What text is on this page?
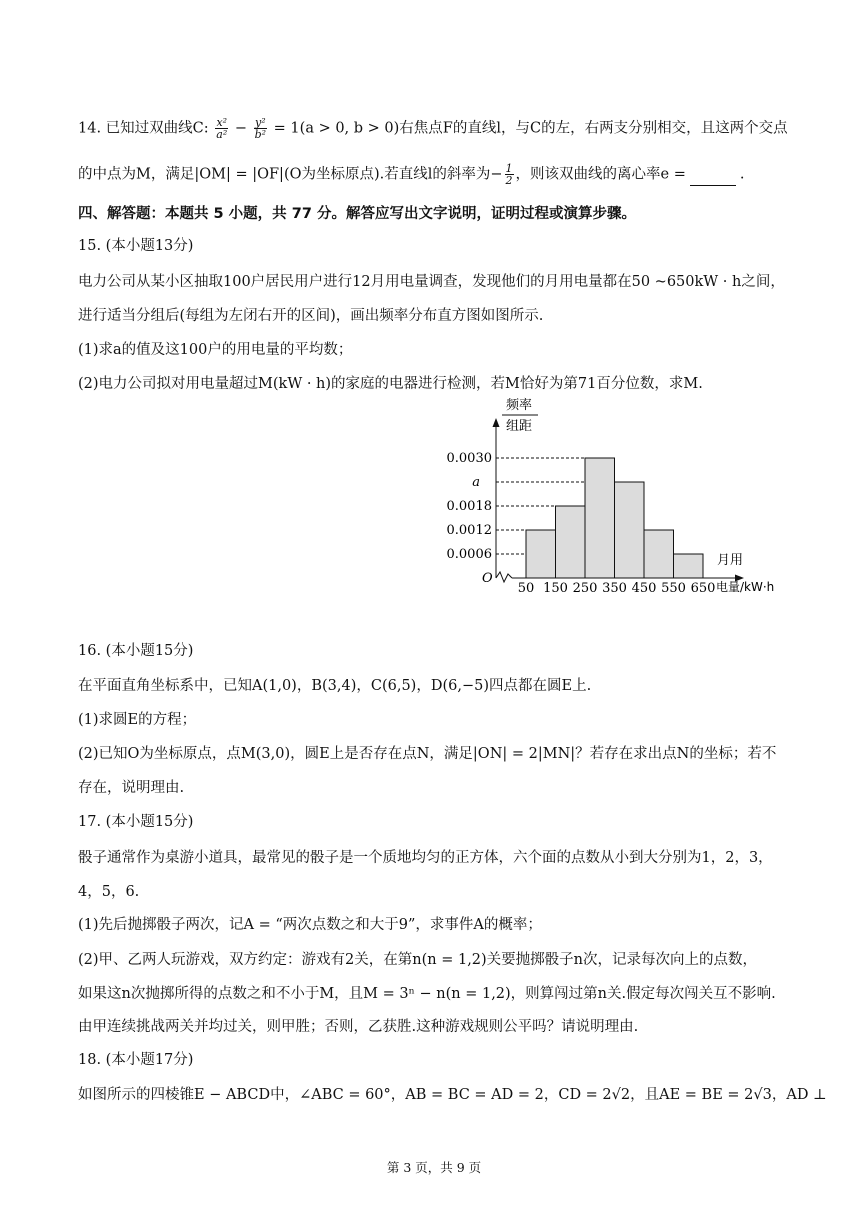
14. 已知过双曲线C: $\frac{\text{x²}}{\text{a²}} - \frac{\text{y²}}{\text{b²}} = 1(a > 0$, b > 0)右焦点F的直线l，与C的左，右两支分别相交，且这两个交点
的中点为M，满足|OM| = |OF|(O为坐标原点).若直线l的斜率为− $\frac{1}{2}$ ，则该双曲线的离心率e =	.
四、解答题：本题共 5 小题，共 77 分。解答应写出文字说明，证明过程或演算步骤。
15. (本小题13分)
电力公司从某小区抽取100户居民用户进行12月用电量调查，发现他们的月用电量都在50 ~650kW · h之间，
进行适当分组后(每组为左闭右开的区间)，画出频率分布直方图如图所示.
(1)求a的值及这100户的用电量的平均数；
(2)电力公司拟对用电量超过M(kW · h)的家庭的电器进行检测，若M恰好为第71百分位数，求M.
O
频率
组距
月用
电量/kW·h
0.0006
0.0012
0.0018
a
0.0030
50 150 250 350 450 550 650
16. (本小题15分)
在平面直角坐标系中，已知A(1,0)，B(3,4)，C(6,5)，D(6,−5)四点都在圆E上.
(1)求圆E的方程；
(2)已知O为坐标原点，点M(3,0)，圆E上是否存在点N，满足|ON| = 2|MN|？若存在求出点N的坐标；若不
存在，说明理由.
17. (本小题15分)
骰子通常作为桌游小道具，最常见的骰子是一个质地均匀的正方体，六个面的点数从小到大分别为1，2，3，
4，5，6.
(1)先后抛掷骰子两次，记A = “两次点数之和大于9”，求事件A的概率；
(2)甲、乙两人玩游戏，双方约定：游戏有2关，在第n(n = 1,2)关要抛掷骰子n次，记录每次向上的点数，
如果这n次抛掷所得的点数之和不小于M，且M = 3ⁿ − n(n = 1,2)，则算闯过第n关.假定每次闯关互不影响.
由甲连续挑战两关并均过关，则甲胜；否则，乙获胜.这种游戏规则公平吗？请说明理由.
18. (本小题17分)
如图所示的四棱锥E − ABCD中，∠ABC = 60°，AB = BC = AD = 2，CD = 2√2，且AE = BE = 2√3，AD ⊥
第 3 页，共 9 页
